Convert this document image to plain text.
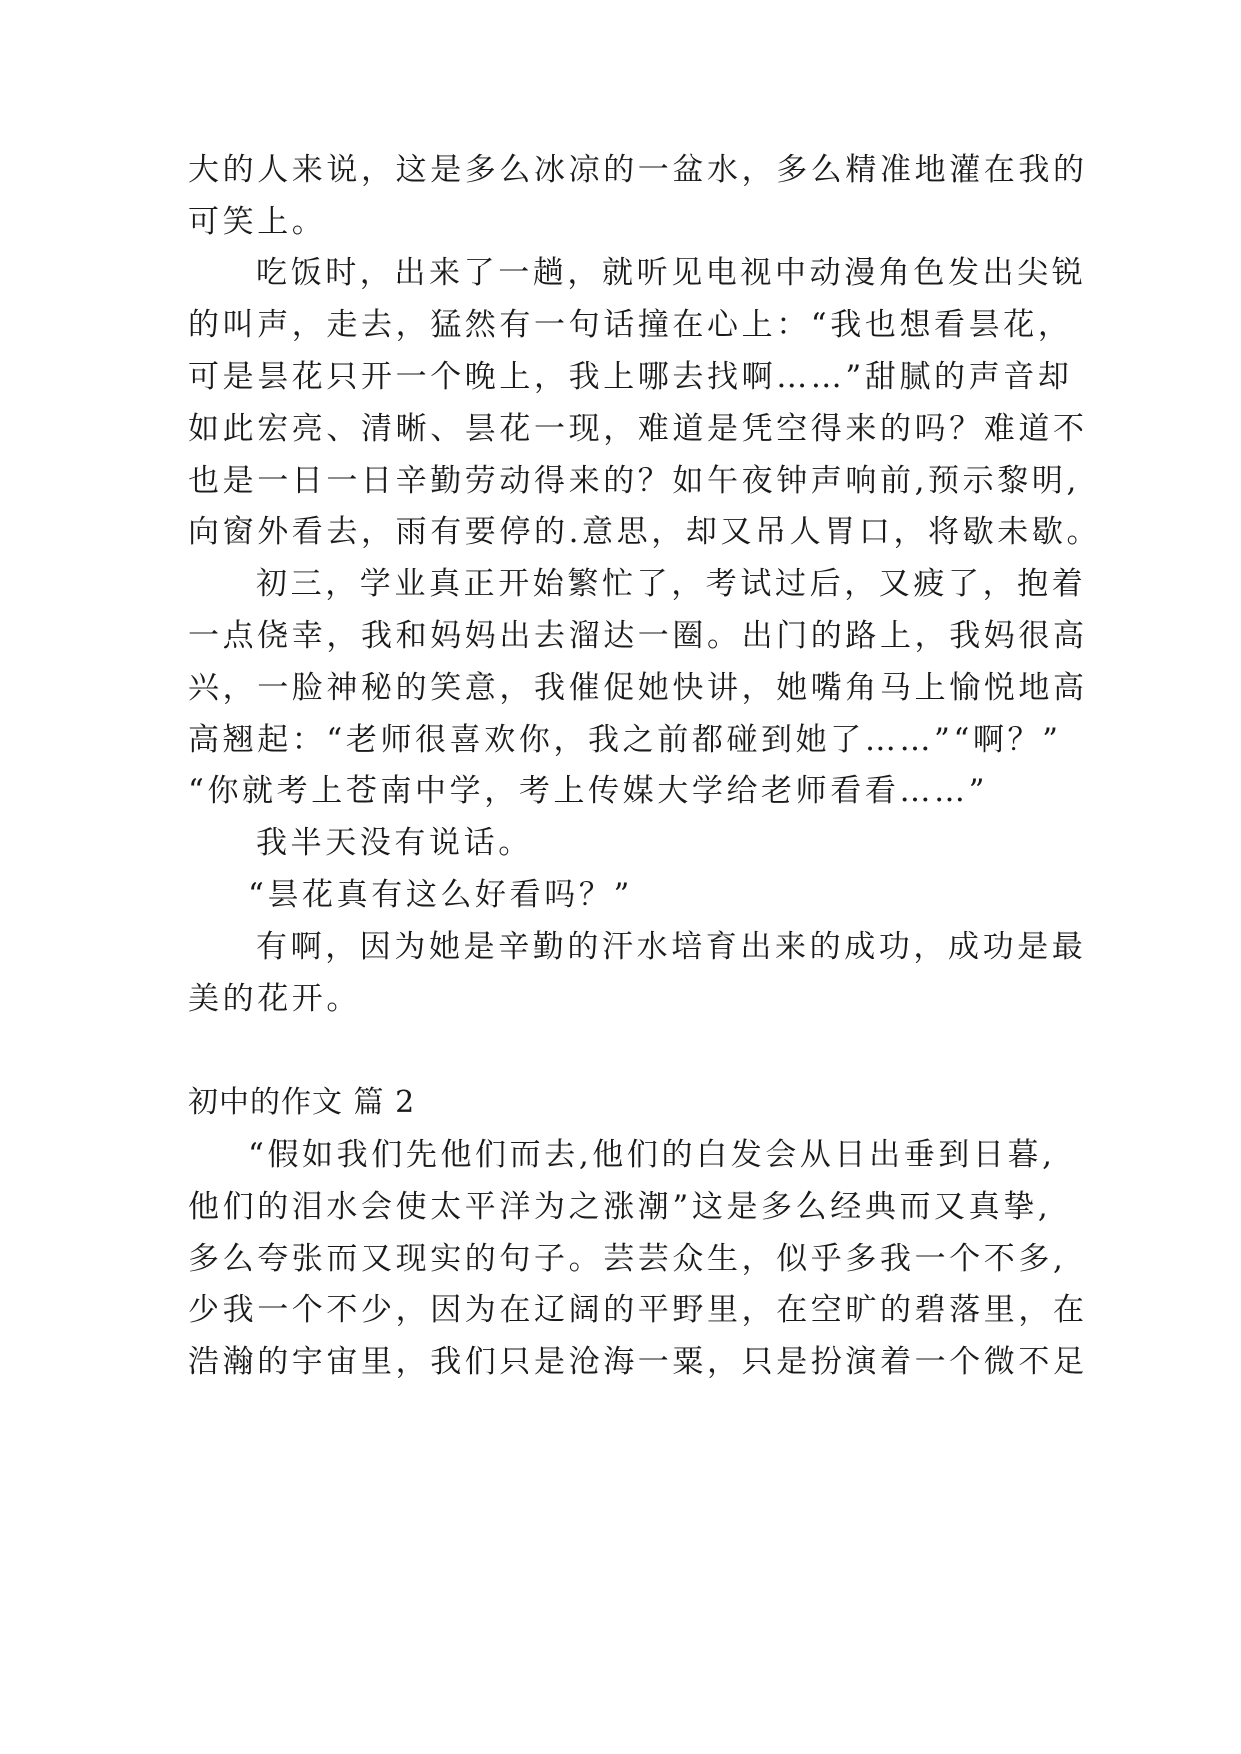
大的人来说，这是多么冰凉的一盆水，多么精准地灌在我的
可笑上。
吃饭时，出来了一趟，就听见电视中动漫角色发出尖锐
的叫声，走去，猛然有一句话撞在心上：“我也想看昙花，
可是昙花只开一个晚上，我上哪去找啊……”甜腻的声音却
如此宏亮、清晰、昙花一现，难道是凭空得来的吗？难道不
也是一日一日辛勤劳动得来的？如午夜钟声响前,预示黎明,
向窗外看去，雨有要停的.意思，却又吊人胃口，将歇未歇。
初三，学业真正开始繁忙了，考试过后，又疲了，抱着
一点侥幸，我和妈妈出去溜达一圈。出门的路上，我妈很高
兴，一脸神秘的笑意，我催促她快讲，她嘴角马上愉悦地高
高翘起：“老师很喜欢你，我之前都碰到她了……”“啊？”
“你就考上苍南中学，考上传媒大学给老师看看……”
我半天没有说话。
“昙花真有这么好看吗？”
有啊，因为她是辛勤的汗水培育出来的成功，成功是最
美的花开。
初中的作文 篇 2
“假如我们先他们而去,他们的白发会从日出垂到日暮,
他们的泪水会使太平洋为之涨潮”这是多么经典而又真挚,
多么夸张而又现实的句子。芸芸众生，似乎多我一个不多,
少我一个不少，因为在辽阔的平野里，在空旷的碧落里，在
浩瀚的宇宙里，我们只是沧海一粟，只是扮演着一个微不足
